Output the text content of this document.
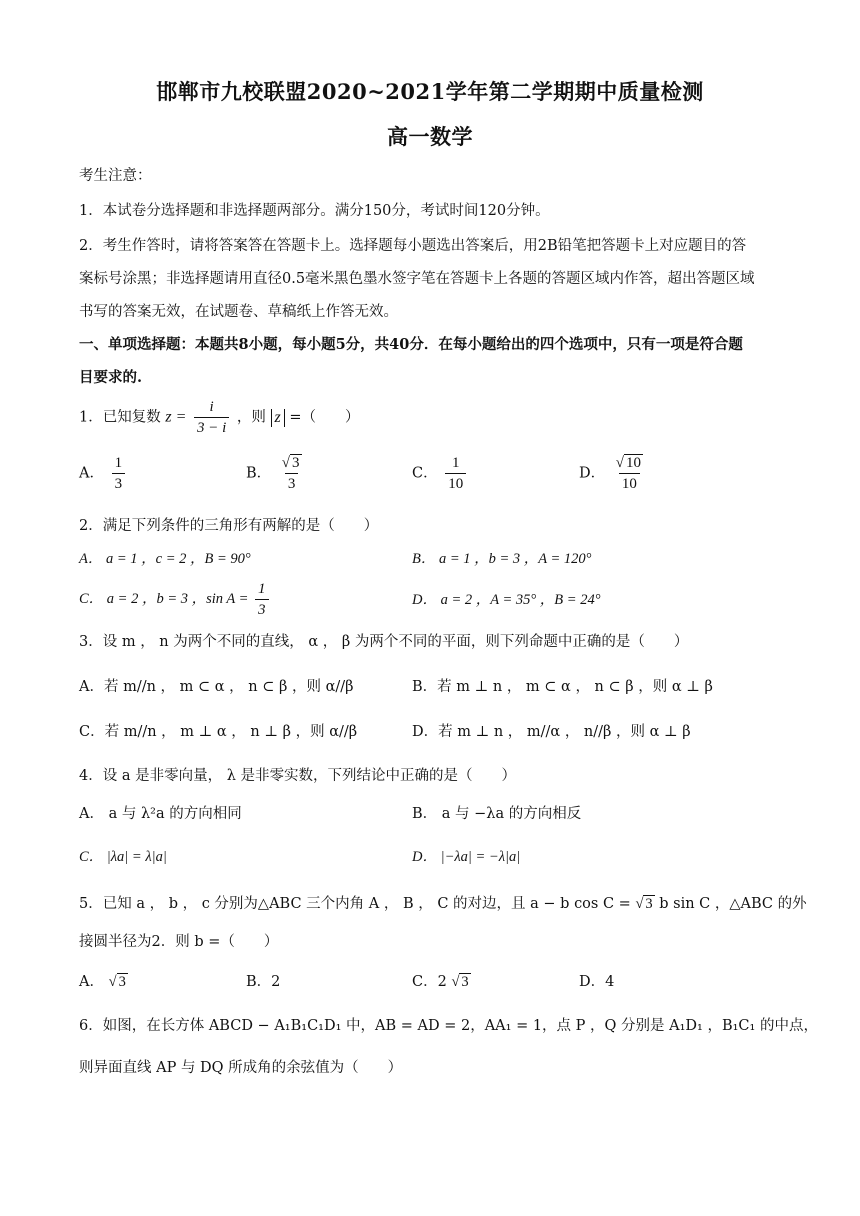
邯郸市九校联盟2020~2021学年第二学期期中质量检测
高一数学
考生注意：
1．本试卷分选择题和非选择题两部分。满分150分，考试时间120分钟。
2．考生作答时，请将答案答在答题卡上。选择题每小题选出答案后，用2B铅笔把答题卡上对应题目的答
案标号涂黑；非选择题请用直径0.5毫米黑色墨水签字笔在答题卡上各题的答题区域内作答，超出答题区域
书写的答案无效，在试题卷、草稿纸上作答无效。
一、单项选择题：本题共8小题，每小题5分，共40分．在每小题给出的四个选项中，只有一项是符合题
目要求的.
1．已知复数 $z = \frac{i}{3 - i}$ ，则 z =（　　）
A． $\frac{1}{3}$	B． $\frac{√ 3}{3}$	C． $\frac{1}{10}$	D． $\frac{√ 10}{10}$
2．满足下列条件的三角形有两解的是（　　）
A． a = 1 ，c = 2 ，B = 90°	B． a = 1 ，b = 3 ，A = 120°
C． a = 2 ，b = 3 ，$\sin A = \frac{1}{3}$	D． a = 2 ，A = 35° ，B = 24°
3．设 m ， n 为两个不同的直线， α ， β 为两个不同的平面，则下列命题中正确的是（　　）
A．若 m//n ， m ⊂ α ， n ⊂ β ，则 α//β	B．若 m ⊥ n ， m ⊂ α ， n ⊂ β ，则 α ⊥ β
C．若 m//n ， m ⊥ α ， n ⊥ β ，则 α//β	D．若 m ⊥ n ， m//α ， n//β ，则 α ⊥ β
4．设 a 是非零向量， λ 是非零实数，下列结论中正确的是（　　）
A． a 与 λ²a 的方向相同	B． a 与 −λa 的方向相反
C． |λa| = λ|a|	D． |−λa| = −λ|a|
5．已知 a ， b ， c 分别为△ABC 三个内角 A ， B ， C 的对边，且 a − b cos C = √ 3 b sin C ，△ABC 的外
接圆半径为2．则 b =（　　）
A． √ 3	B．2	C．2 √ 3	D．4
6．如图，在长方体 ABCD − A₁B₁C₁D₁ 中，AB = AD = 2，AA₁ = 1，点 P ，Q 分别是 A₁D₁ ，B₁C₁ 的中点，
则异面直线 AP 与 DQ 所成角的余弦值为（　　）
